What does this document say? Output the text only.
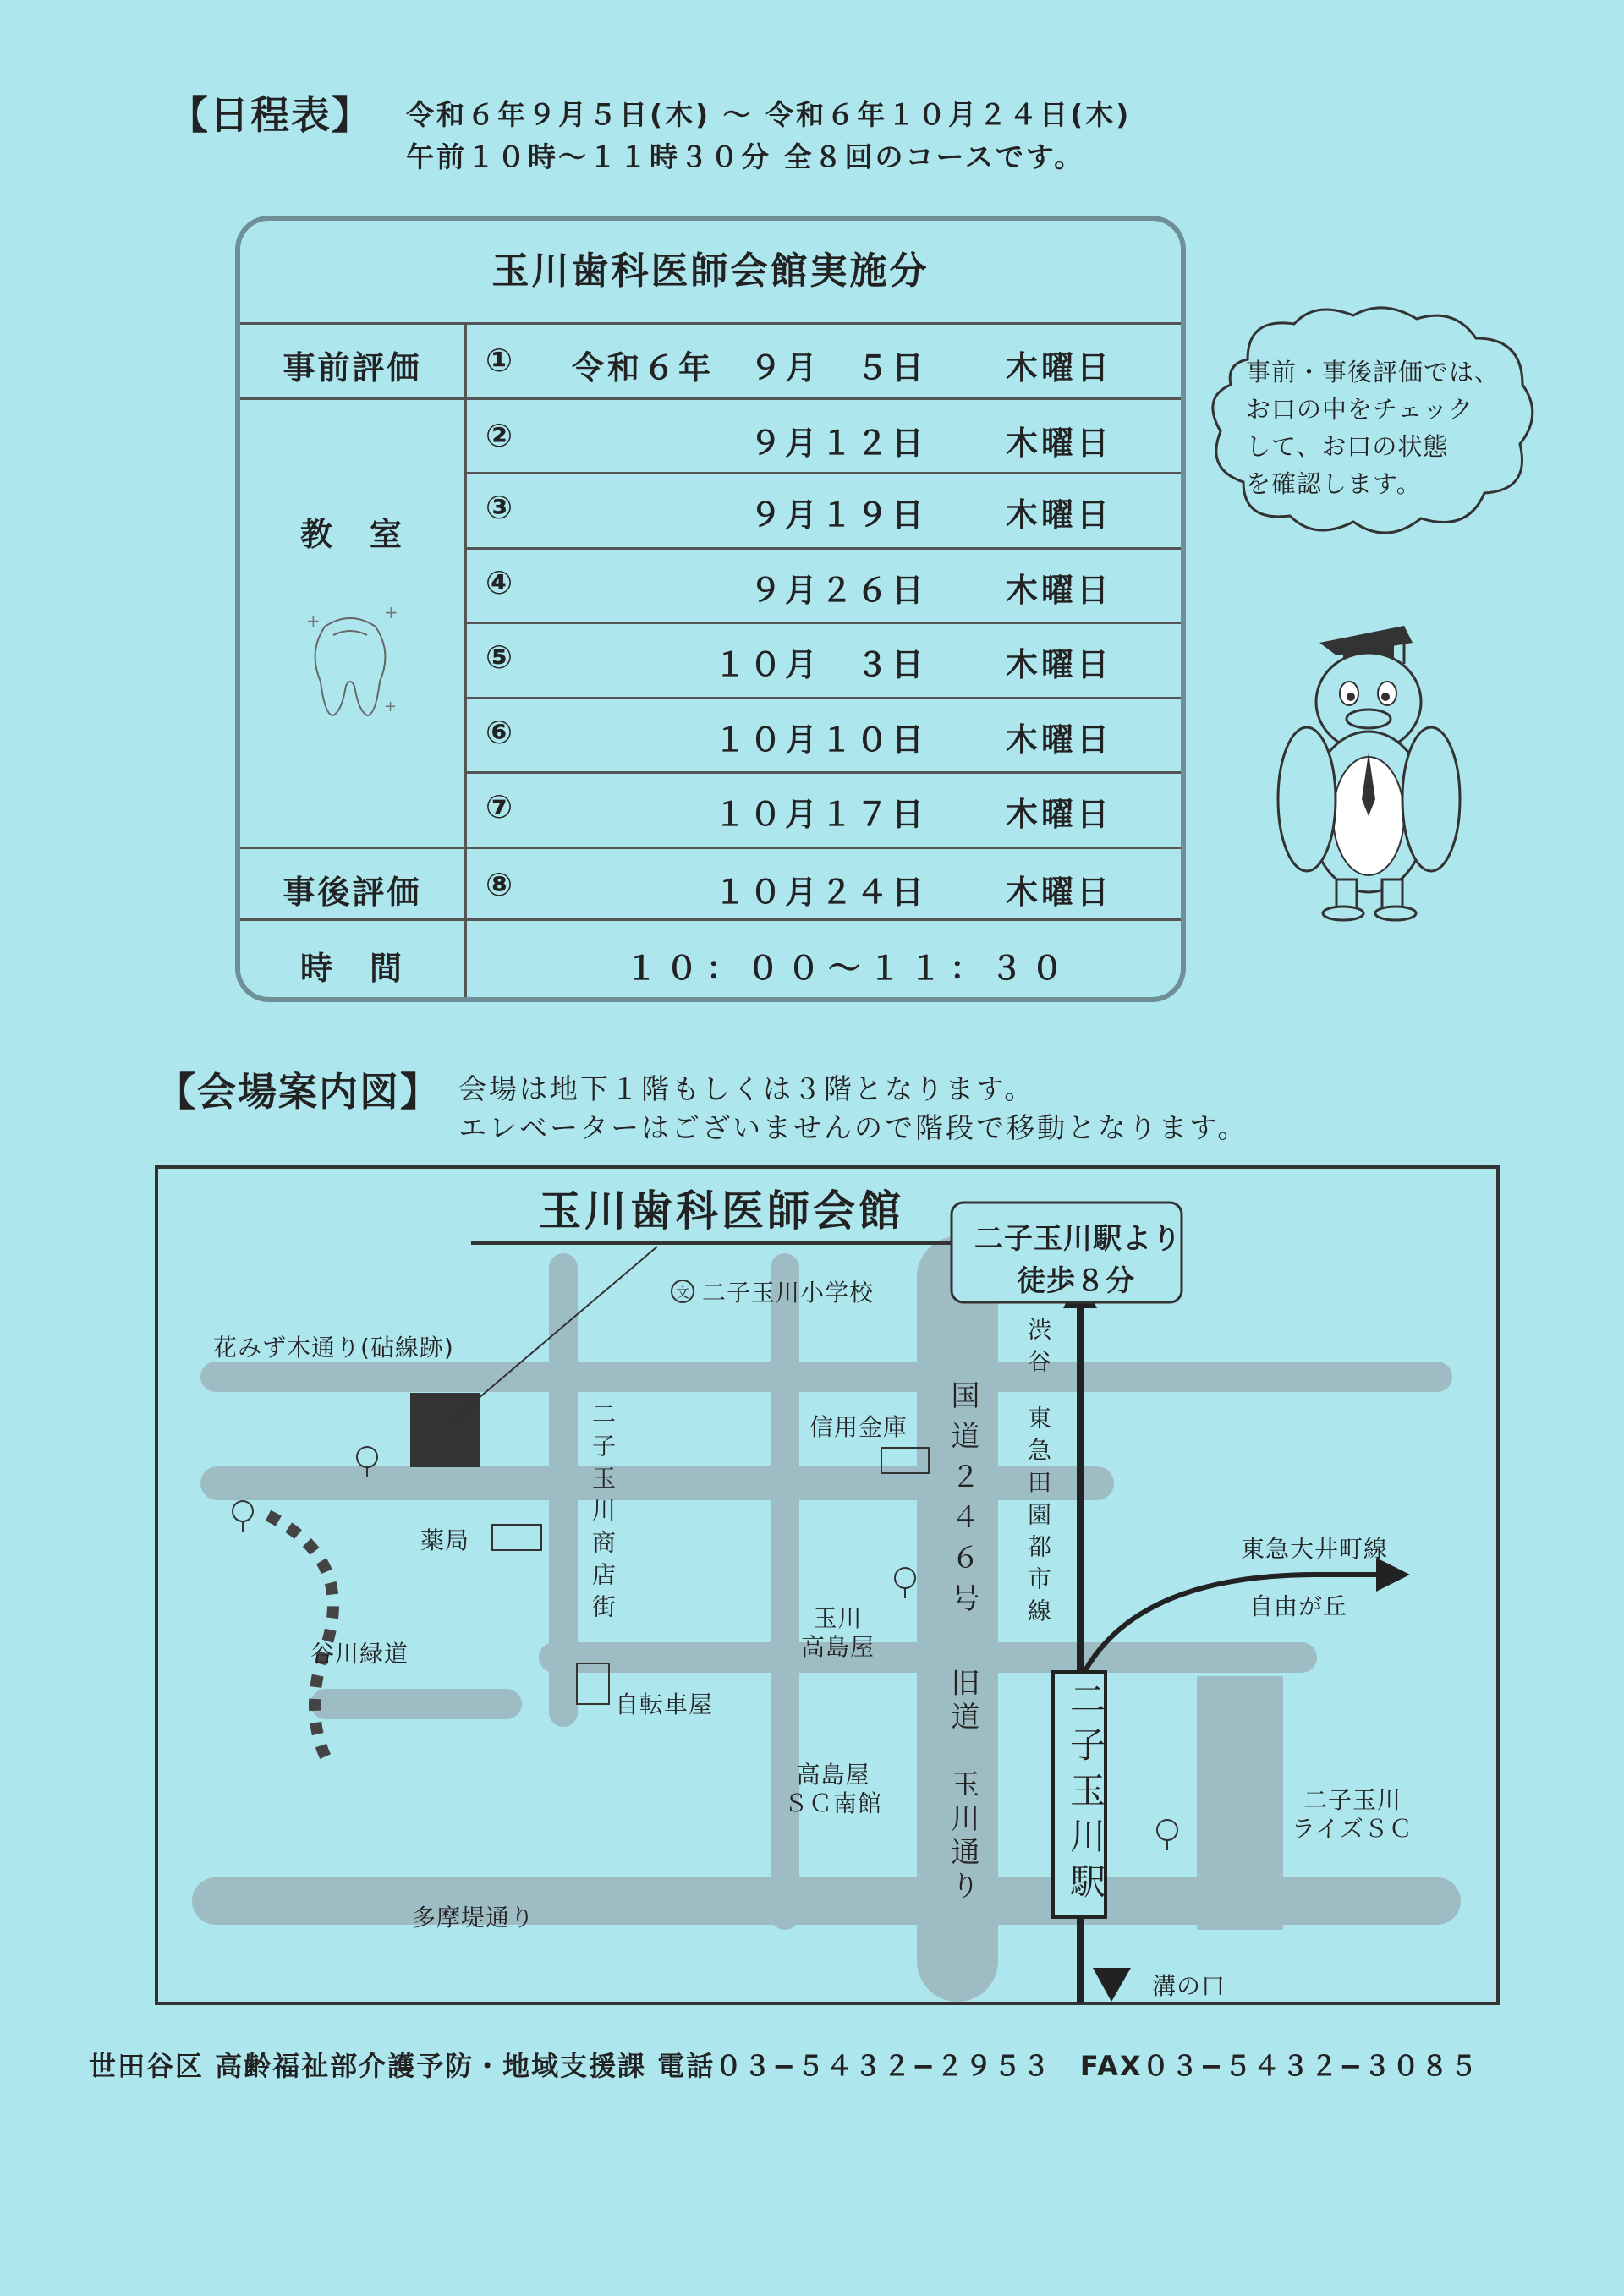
【日程表】 令和６年９月５日(木) ～ 令和６年１０月２４日(木)
午前１０時～１１時３０分 全８回のコースです。
玉川歯科医師会館実施分
事前評価	① 令和６年　９月　５日 木曜日
②	９月１２日 木曜日
③	９月１９日 木曜日
④	９月２６日 木曜日
⑤	１０月　３日 木曜日
⑥	１０月１０日 木曜日
⑦	１０月１７日 木曜日
事後評価	⑧	１０月２４日 木曜日
教　室
+	+
+
時　間	１０：００～１１：３０
事前・事後評価では、
お口の中をチェック
して、お口の状態
を確認します。
【会場案内図】 会場は地下１階もしくは３階となります。
エレベーターはございませんので階段で移動となります。
文
玉川歯科医師会館
二子玉川駅より
徒歩８分
二子玉川小学校
花みず木通り(砧線跡)
信用金庫
薬局
谷川緑道
自転車屋
玉川
高島屋
高島屋
ＳＣ南館
多摩堤通り
東急大井町線
自由が丘
二子玉川
ライズＳＣ
溝の口
二子玉川商店街	国道２４６号
旧道　玉川通り
渋谷
東急田園都市線
二子玉川駅
世田谷区 高齢福祉部介護予防・地域支援課 電話０３−５４３２−２９５３　FAX０３−５４３２−３０８５
